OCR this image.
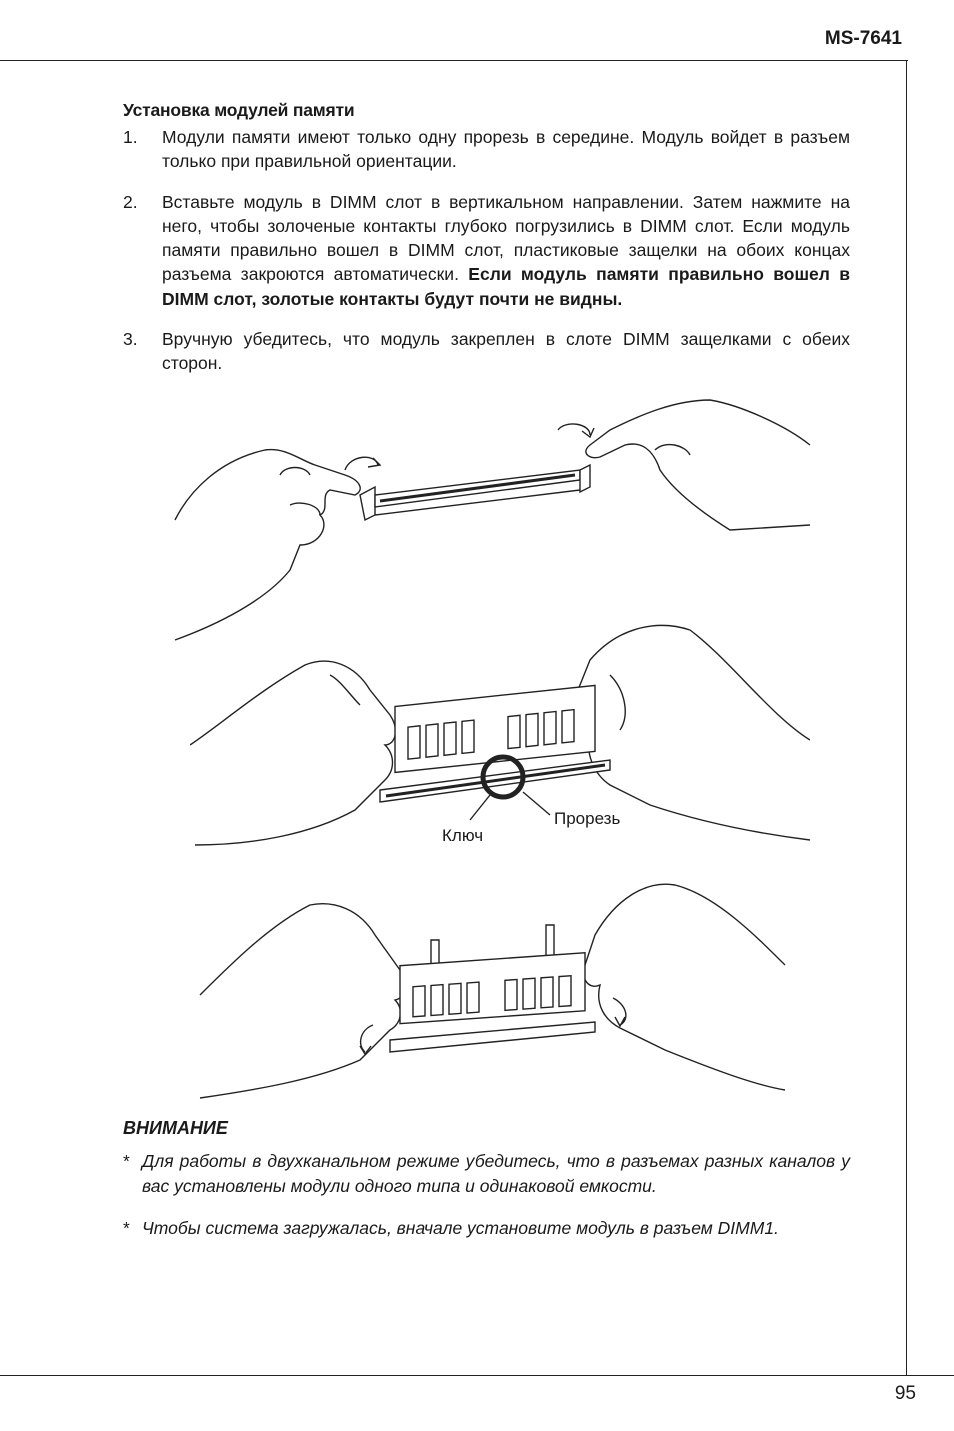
MS-7641
Установка модулей памяти
1.	Модули памяти имеют только одну прорезь в середине. Модуль войдет в разъем только при правильной ориентации.
2.	Вставьте модуль в DIMM слот в вертикальном направлении. Затем нажмите на него, чтобы золоченые контакты глубоко погрузились в DIMM слот. Если модуль памяти правильно вошел в DIMM слот, пластиковые защелки на обоих концах разъема закроются автоматически. Если модуль памяти правильно вошел в DIMM слот, золотые контакты будут почти не видны.
3.	Вручную убедитесь, что модуль закреплен в слоте DIMM защелками с обеих сторон.
Прорезь
Ключ
ВНИМАНИЕ
* Для работы в двухканальном режиме убедитесь, что в разъемах разных каналов у вас установлены модули одного типа и одинаковой емкости.
* Чтобы система загружалась, вначале установите модуль в разъем DIMM1.
95
